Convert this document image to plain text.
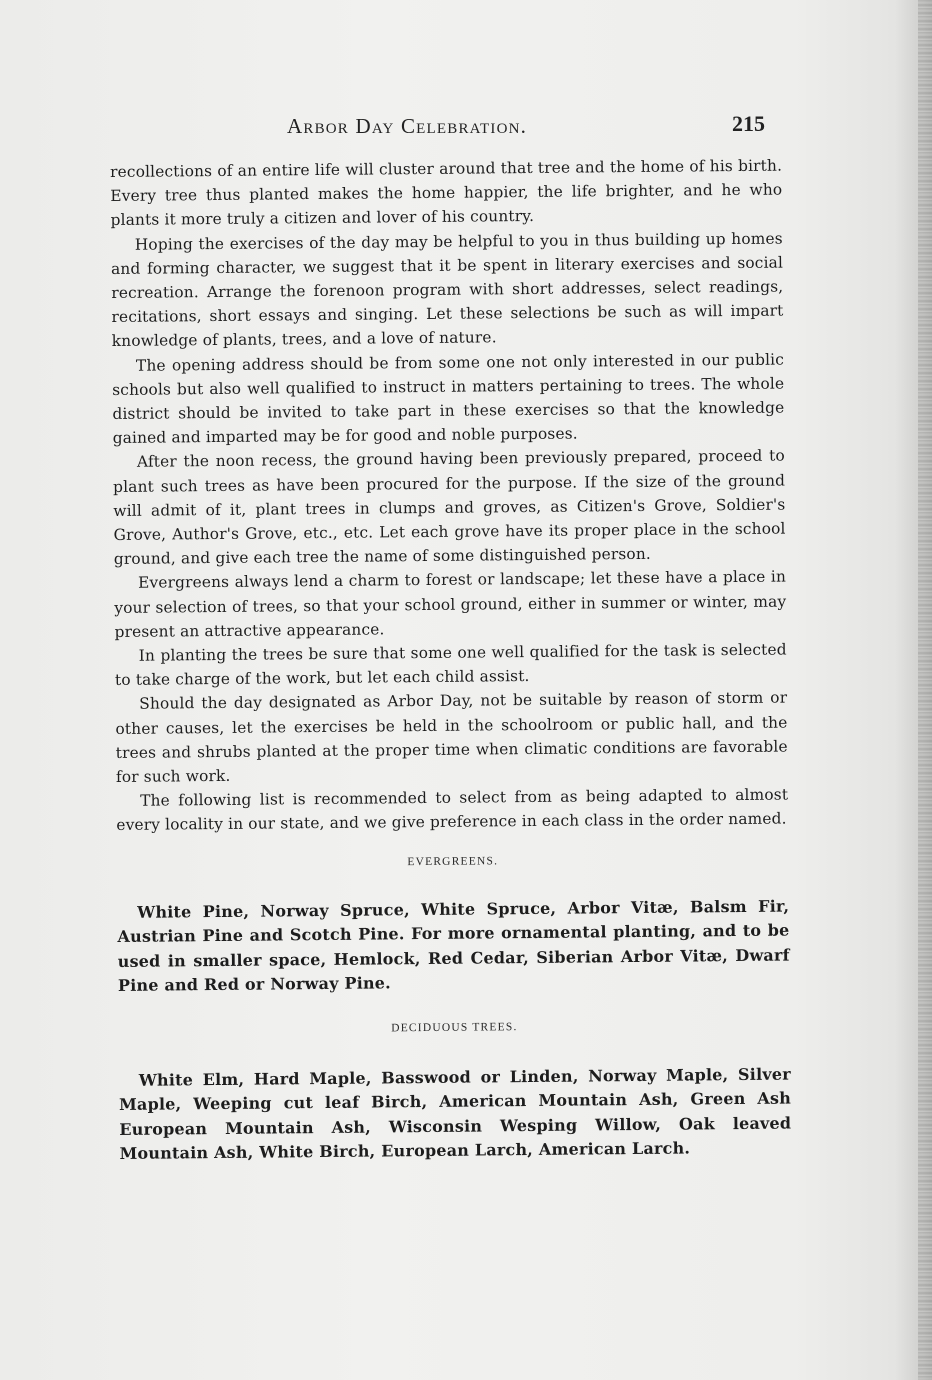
Arbor Day Celebration.	215

recollections of an entire life will cluster around that tree and the home of his birth. Every tree thus planted makes the home happier, the life brighter, and he who plants it more truly a citizen and lover of his country.

Hoping the exercises of the day may be helpful to you in thus building up homes and forming character, we suggest that it be spent in literary exercises and social recreation. Arrange the forenoon program with short addresses, select readings, recitations, short essays and singing. Let these selections be such as will impart knowledge of plants, trees, and a love of nature.

The opening address should be from some one not only interested in our public schools but also well qualified to instruct in matters pertaining to trees. The whole district should be invited to take part in these exercises so that the knowledge gained and imparted may be for good and noble purposes.

After the noon recess, the ground having been previously prepared, proceed to plant such trees as have been procured for the purpose. If the size of the ground will admit of it, plant trees in clumps and groves, as Citizen's Grove, Soldier's Grove, Author's Grove, etc., etc. Let each grove have its proper place in the school ground, and give each tree the name of some distinguished person.

Evergreens always lend a charm to forest or landscape; let these have a place in your selection of trees, so that your school ground, either in summer or winter, may present an attractive appearance.

In planting the trees be sure that some one well qualified for the task is selected to take charge of the work, but let each child assist.

Should the day designated as Arbor Day, not be suitable by reason of storm or other causes, let the exercises be held in the schoolroom or public hall, and the trees and shrubs planted at the proper time when climatic conditions are favorable for such work.

The following list is recommended to select from as being adapted to almost every locality in our state, and we give preference in each class in the order named.

EVERGREENS.

White Pine, Norway Spruce, White Spruce, Arbor Vitæ, Balsm Fir, Austrian Pine and Scotch Pine. For more ornamental planting, and to be used in smaller space, Hemlock, Red Cedar, Siberian Arbor Vitæ, Dwarf Pine and Red or Norway Pine.

DECIDUOUS TREES.

White Elm, Hard Maple, Basswood or Linden, Norway Maple, Silver Maple, Weeping cut leaf Birch, American Mountain Ash, Green Ash European Mountain Ash, Wisconsin Wesping Willow, Oak leaved Mountain Ash, White Birch, European Larch, American Larch.
